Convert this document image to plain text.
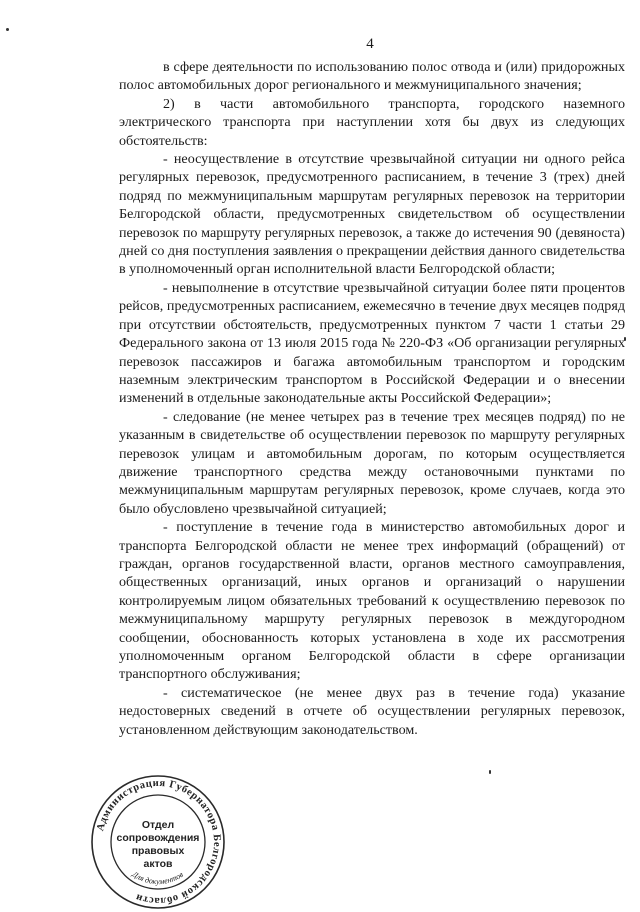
4

в сфере деятельности по использованию полос отвода и (или) придорожных полос автомобильных дорог регионального и межмуниципального значения;

2) в части автомобильного транспорта, городского наземного электрического транспорта при наступлении хотя бы двух из следующих обстоятельств:

- неосуществление в отсутствие чрезвычайной ситуации ни одного рейса регулярных перевозок, предусмотренного расписанием, в течение 3 (трех) дней подряд по межмуниципальным маршрутам регулярных перевозок на территории Белгородской области, предусмотренных свидетельством об осуществлении перевозок по маршруту регулярных перевозок, а также до истечения 90 (девяноста) дней со дня поступления заявления о прекращении действия данного свидетельства в уполномоченный орган исполнительной власти Белгородской области;

- невыполнение в отсутствие чрезвычайной ситуации более пяти процентов рейсов, предусмотренных расписанием, ежемесячно в течение двух месяцев подряд при отсутствии обстоятельств, предусмотренных пунктом 7 части 1 статьи 29 Федерального закона от 13 июля 2015 года № 220-ФЗ «Об организации регулярных перевозок пассажиров и багажа автомобильным транспортом и городским наземным электрическим транспортом в Российской Федерации и о внесении изменений в отдельные законодательные акты Российской Федерации»;

- следование (не менее четырех раз в течение трех месяцев подряд) по не указанным в свидетельстве об осуществлении перевозок по маршруту регулярных перевозок улицам и автомобильным дорогам, по которым осуществляется движение транспортного средства между остановочными пунктами по межмуниципальным маршрутам регулярных перевозок, кроме случаев, когда это было обусловлено чрезвычайной ситуацией;

- поступление в течение года в министерство автомобильных дорог и транспорта Белгородской области не менее трех информаций (обращений) от граждан, органов государственной власти, органов местного самоуправления, общественных организаций, иных органов и организаций о нарушении контролируемым лицом обязательных требований к осуществлению перевозок по межмуниципальному маршруту регулярных перевозок в междугородном сообщении, обоснованность которых установлена в ходе их рассмотрения уполномоченным органом Белгородской области в сфере организации транспортного обслуживания;

- систематическое (не менее двух раз в течение года) указание недостоверных сведений в отчете об осуществлении регулярных перевозок, установленном действующим законодательством.

Администрация Губернатора Белгородской области
Для документов
Отдел
сопровождения
правовых
актов
